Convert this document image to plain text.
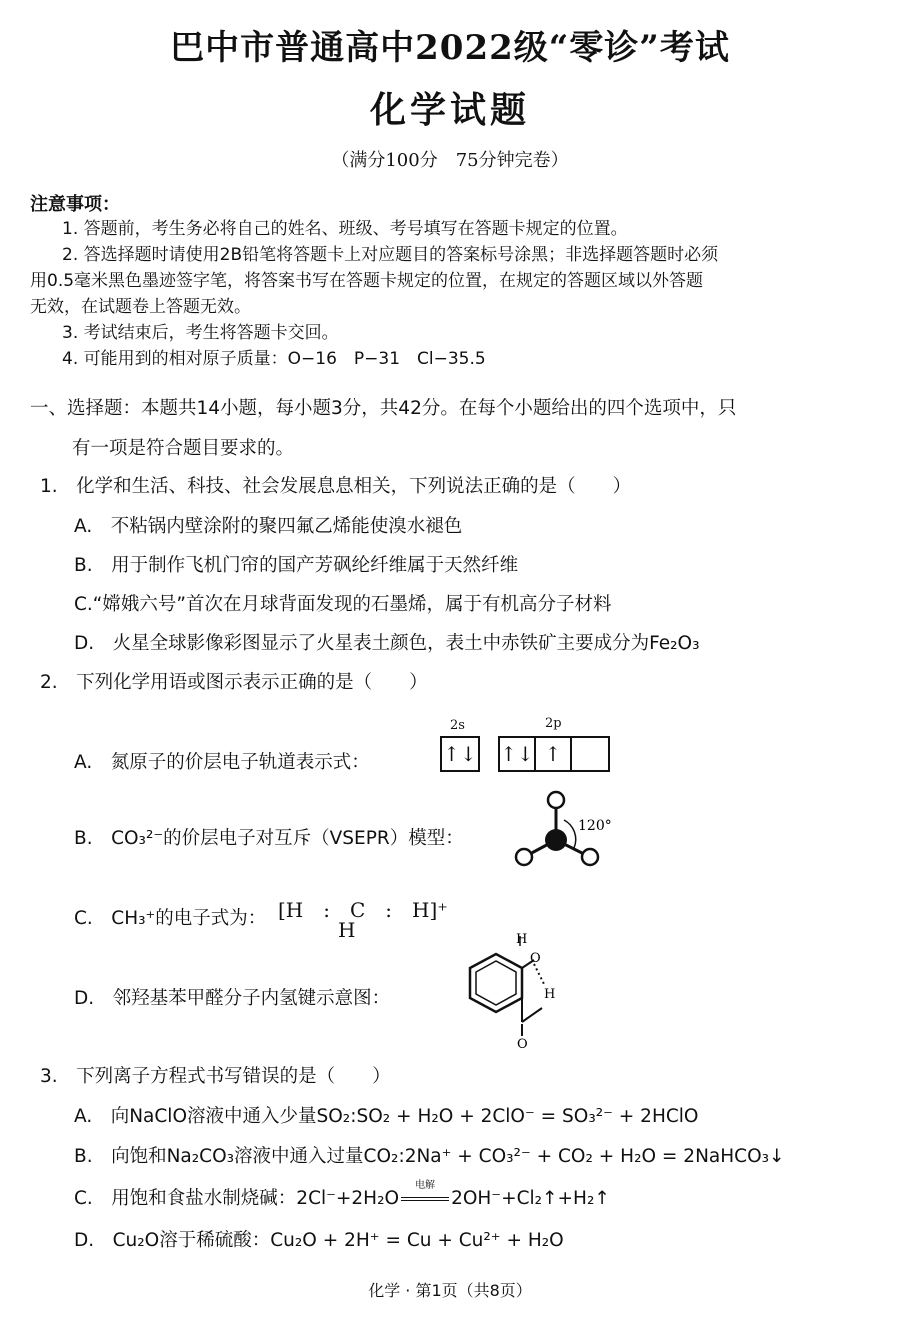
巴中市普通高中2022级“零诊”考试
化学试题
（满分100分　75分钟完卷）
注意事项：
1. 答题前，考生务必将自己的姓名、班级、考号填写在答题卡规定的位置。
2. 答选择题时请使用2B铅笔将答题卡上对应题目的答案标号涂黑；非选择题答题时必须
用0.5毫米黑色墨迹签字笔，将答案书写在答题卡规定的位置，在规定的答题区域以外答题
无效，在试题卷上答题无效。
3. 考试结束后，考生将答题卡交回。
4. 可能用到的相对原子质量：O−16　P−31　Cl−35.5
一、选择题：本题共14小题，每小题3分，共42分。在每个小题给出的四个选项中，只
有一项是符合题目要求的。
1.　化学和生活、科技、社会发展息息相关，下列说法正确的是（　　）
A.　不粘锅内壁涂附的聚四氟乙烯能使溴水褪色
B.　用于制作飞机门帘的国产芳砜纶纤维属于天然纤维
C.“嫦娥六号”首次在月球背面发现的石墨烯，属于有机高分子材料
D.　火星全球影像彩图显示了火星表土颜色，表土中赤铁矿主要成分为Fe₂O₃
2.　下列化学用语或图示表示正确的是（　　）
A.　氮原子的价层电子轨道表示式：
2s	2p
↑↓ ↑↓ ↑
B.　CO₃²⁻的价层电子对互斥（VSEPR）模型：
120°
C.　CH₃⁺的电子式为： [H　:　C　:　H]⁺
H
D.　邻羟基苯甲醛分子内氢键示意图：
H
O
H
O
3.　下列离子方程式书写错误的是（　　）
A.　向NaClO溶液中通入少量SO₂:SO₂ + H₂O + 2ClO⁻ = SO₃²⁻ + 2HClO
B.　向饱和Na₂CO₃溶液中通入过量CO₂:2Na⁺ + CO₃²⁻ + CO₂ + H₂O = 2NaHCO₃↓
C.　用饱和食盐水制烧碱：2Cl⁻+2H₂O
电解
2OH⁻+Cl₂↑+H₂↑
D.　Cu₂O溶于稀硫酸：Cu₂O + 2H⁺ = Cu + Cu²⁺ + H₂O
化学 · 第1页（共8页）
